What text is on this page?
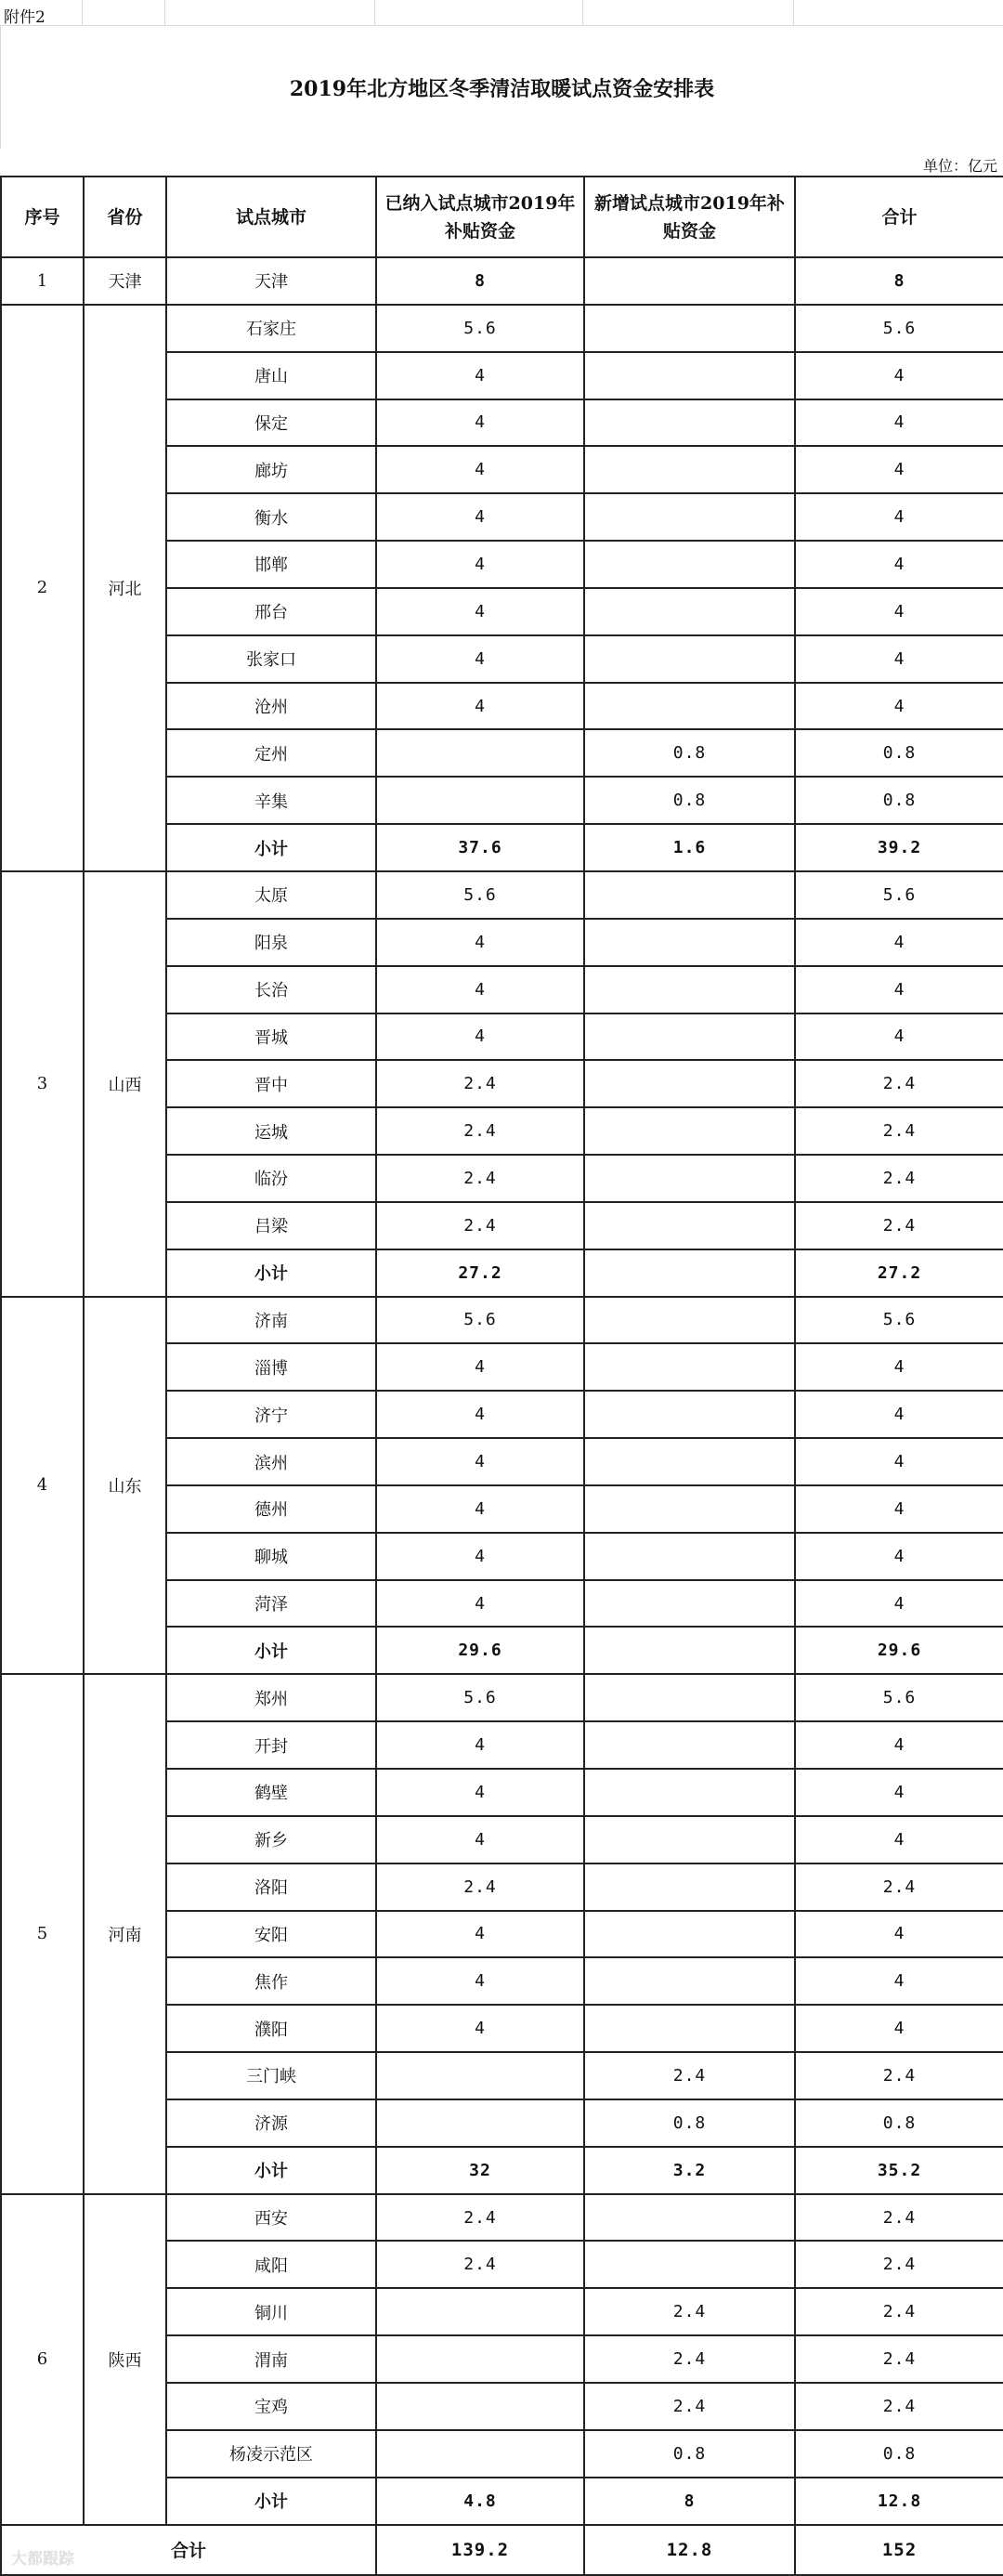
附件2
2019年北方地区冬季清洁取暖试点资金安排表
单位：亿元
序号	省份	试点城市	已纳入试点城市2019年补贴资金	新增试点城市2019年补贴资金	合计
1	天津	天津	8		8
2	河北	石家庄	5.6		5.6
		唐山	4		4
		保定	4		4
		廊坊	4		4
		衡水	4		4
		邯郸	4		4
		邢台	4		4
		张家口	4		4
		沧州	4		4
		定州		0.8	0.8
		辛集		0.8	0.8
		小计	37.6	1.6	39.2
3	山西	太原	5.6		5.6
		阳泉	4		4
		长治	4		4
		晋城	4		4
		晋中	2.4		2.4
		运城	2.4		2.4
		临汾	2.4		2.4
		吕梁	2.4		2.4
		小计	27.2		27.2
4	山东	济南	5.6		5.6
		淄博	4		4
		济宁	4		4
		滨州	4		4
		德州	4		4
		聊城	4		4
		菏泽	4		4
		小计	29.6		29.6
5	河南	郑州	5.6		5.6
		开封	4		4
		鹤壁	4		4
		新乡	4		4
		洛阳	2.4		2.4
		安阳	4		4
		焦作	4		4
		濮阳	4		4
		三门峡		2.4	2.4
		济源		0.8	0.8
		小计	32	3.2	35.2
6	陕西	西安	2.4		2.4
		咸阳	2.4		2.4
		铜川		2.4	2.4
		渭南		2.4	2.4
		宝鸡		2.4	2.4
		杨凌示范区		0.8	0.8
		小计	4.8	8	12.8
合计			139.2	12.8	152
大都跟踪
